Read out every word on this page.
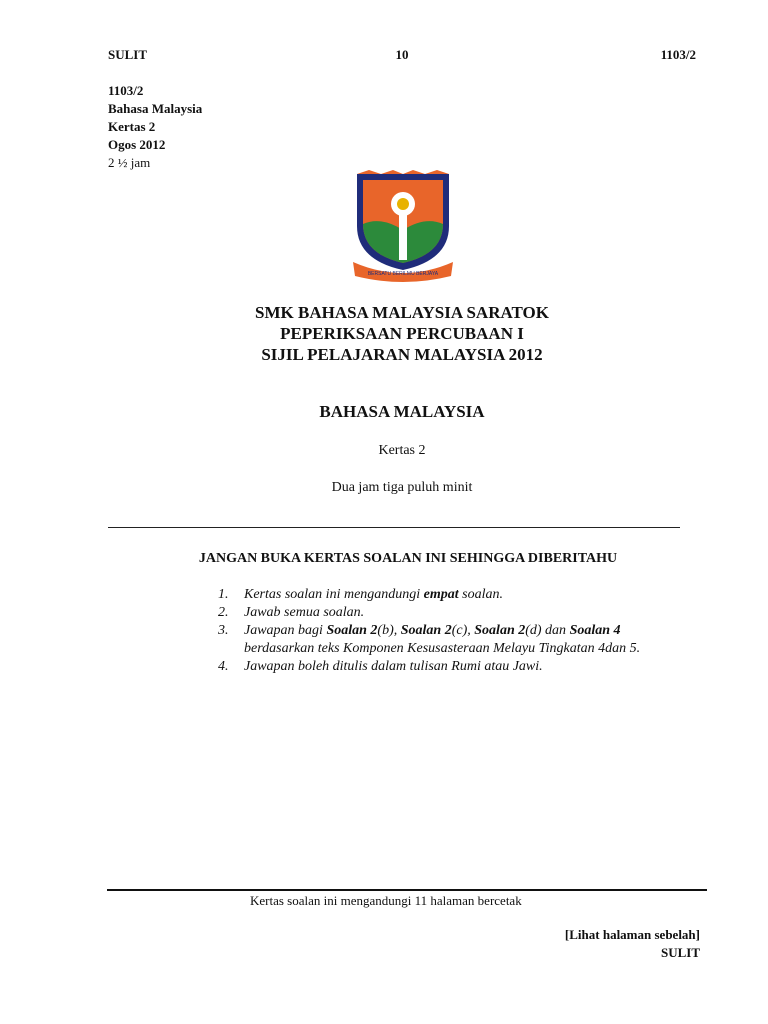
SULIT	10	1103/2
1103/2
Bahasa Malaysia
Kertas 2
Ogos 2012
2 ½ jam
BERSATU BERILMU BERJAYA
SMK BAHASA MALAYSIA SARATOK
PEPERIKSAAN PERCUBAAN I
SIJIL PELAJARAN MALAYSIA 2012
BAHASA MALAYSIA
Kertas 2
Dua jam tiga puluh minit
JANGAN BUKA KERTAS SOALAN INI SEHINGGA DIBERITAHU
1.	Kertas soalan ini mengandungi empat soalan.
2.	Jawab semua soalan.
3.	Jawapan bagi Soalan 2(b), Soalan 2(c), Soalan 2(d) dan Soalan 4
berdasarkan teks Komponen Kesusasteraan Melayu Tingkatan 4dan 5.
4.	Jawapan boleh ditulis dalam tulisan Rumi atau Jawi.
Kertas soalan ini mengandungi 11 halaman bercetak
[Lihat halaman sebelah]
SULIT
